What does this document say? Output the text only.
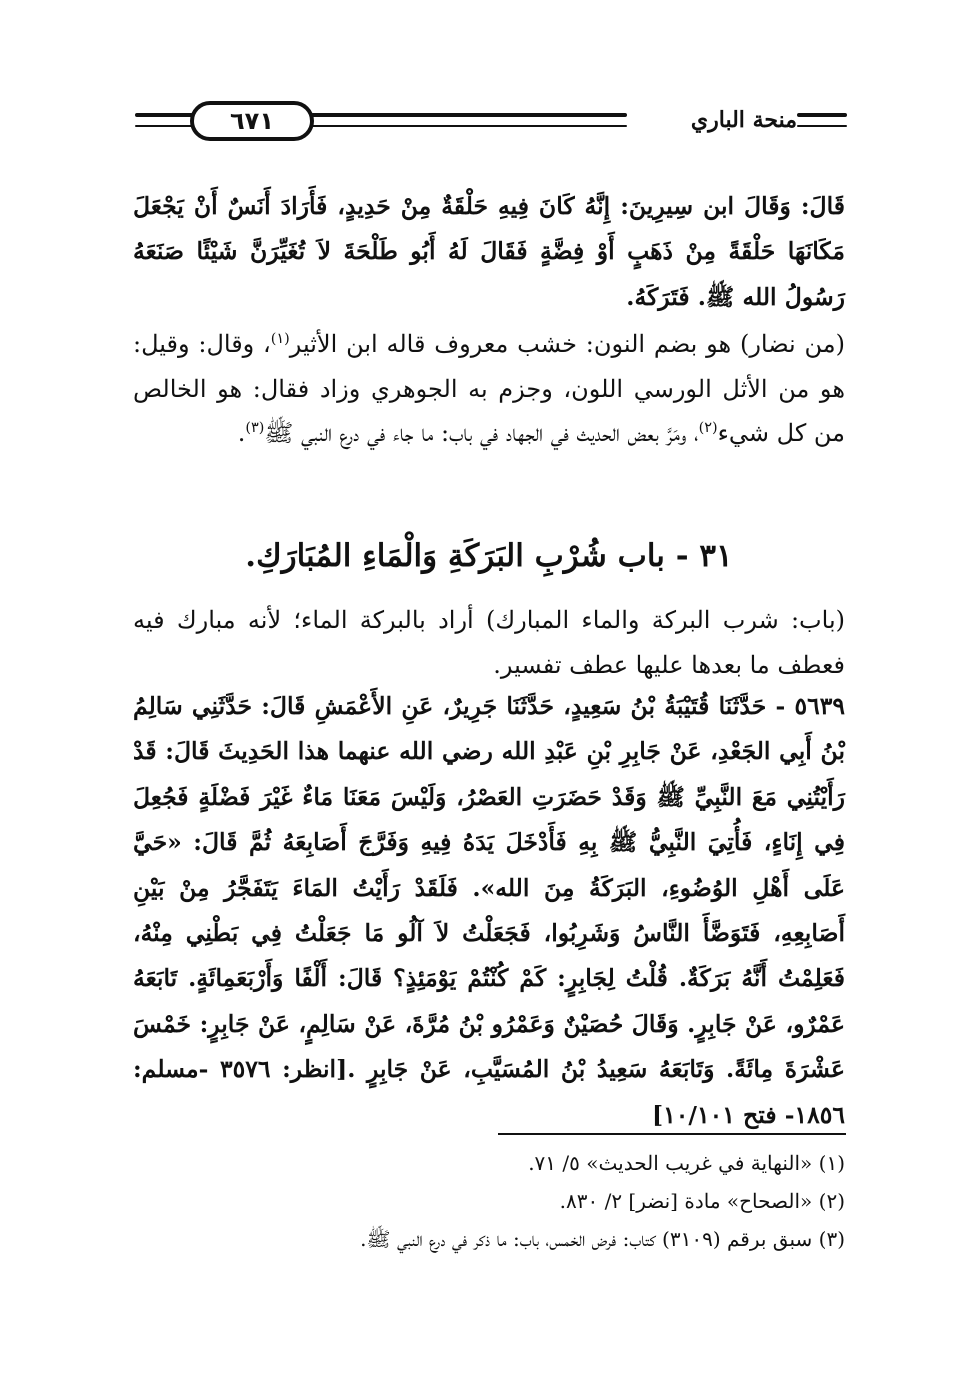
٦٧١	منحة الباري

قَالَ: وَقَالَ ابن سِيرِينَ: إِنَّهُ كَانَ فِيهِ حَلْقَةٌ مِنْ حَدِيدٍ، فَأَرَادَ أَنَسٌ أَنْ يَجْعَلَ مَكَانَهَا حَلْقَةً مِنْ ذَهَبٍ أَوْ فِضَّةٍ فَقَالَ لَهُ أَبُو طَلْحَةَ لاَ تُغَيِّرَنَّ شَيْئًا صَنَعَهُ رَسُولُ الله ﷺ. فَتَرَكَهُ.

(من نضار) هو بضم النون: خشب معروف قاله ابن الأثير$^{(١)}$، وقال: وقيل: هو من الأثل الورسي اللون، وجزم به الجوهري وزاد فقال: هو الخالص من كل شيء$^{(٢)}$، ومَرَّ بعض الحديث في الجهاد في باب: ما جاء في درع النبي ﷺ$^{(٣)}$.

٣١ - باب شُرْبِ البَرَكَةِ وَالْمَاءِ المُبَارَكِ.

(باب: شرب البركة والماء المبارك) أراد بالبركة الماء؛ لأنه مبارك فيه فعطف ما بعدها عليها عطف تفسير.

٥٦٣٩ - حَدَّثَنَا قُتَيْبَةُ بْنُ سَعِيدٍ، حَدَّثَنَا جَرِيرٌ، عَنِ الأَعْمَشِ قَالَ: حَدَّثَنِي سَالِمُ بْنُ أَبِي الجَعْدِ، عَنْ جَابِرِ بْنِ عَبْدِ الله رضي الله عنهما هذا الحَدِيثَ قَالَ: قَدْ رَأَيْتُنِي مَعَ النَّبِيِّ ﷺ وَقَدْ حَضَرَتِ العَصْرُ، وَلَيْسَ مَعَنَا مَاءٌ غَيْرَ فَضْلَةٍ فَجُعِلَ فِي إِنَاءٍ، فَأُتِيَ النَّبِيُّ ﷺ بِهِ فَأَدْخَلَ يَدَهُ فِيهِ وَفَرَّجَ أَصَابِعَهُ ثُمَّ قَالَ: «حَيَّ عَلَى أَهْلِ الوُضُوءِ، البَرَكَةُ مِنَ الله». فَلَقَدْ رَأَيْتُ المَاءَ يَتَفَجَّرُ مِنْ بَيْنِ أَصَابِعِهِ، فَتَوَضَّأَ النَّاسُ وَشَرِبُوا، فَجَعَلْتُ لاَ آلُو مَا جَعَلْتُ فِي بَطْنِي مِنْهُ، فَعَلِمْتُ أَنَّهُ بَرَكَةٌ. قُلْتُ لِجَابِرٍ: كَمْ كُنْتُمْ يَوْمَئِذٍ؟ قَالَ: أَلْفًا وَأَرْبَعَمِائَةٍ. تَابَعَهُ عَمْرٌو، عَنْ جَابِرٍ. وَقَالَ حُصَيْنٌ وَعَمْرُو بْنُ مُرَّةَ، عَنْ سَالِمٍ، عَنْ جَابِرٍ: خَمْسَ عَشْرَةَ مِائَةً. وَتَابَعَهُ سَعِيدُ بْنُ المُسَيَّبِ، عَنْ جَابِرٍ .[انظر: ٣٥٧٦ -مسلم: ١٨٥٦- فتح ١٠/١٠١]

(١) «النهاية في غريب الحديث» ٥/ ٧١.

(٢) «الصحاح» مادة [نضر] ٢/ ٨٣٠.

(٣) سبق برقم (٣١٠٩) كتاب: فرض الخمس، باب: ما ذكر في درع النبي ﷺ.
